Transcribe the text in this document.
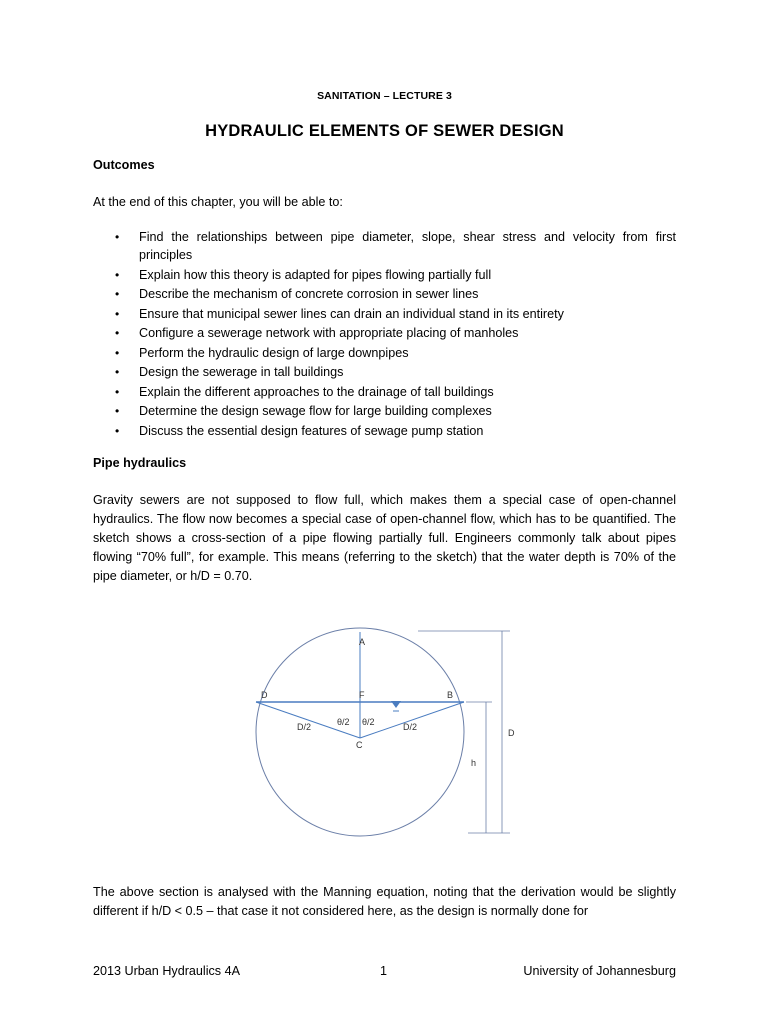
SANITATION – LECTURE 3
HYDRAULIC ELEMENTS OF SEWER DESIGN
Outcomes
At the end of this chapter, you will be able to:
• Find the relationships between pipe diameter, slope, shear stress and velocity from first principles
• Explain how this theory is adapted for pipes flowing partially full
• Describe the mechanism of concrete corrosion in sewer lines
• Ensure that municipal sewer lines can drain an individual stand in its entirety
• Configure a sewerage network with appropriate placing of manholes
• Perform the hydraulic design of large downpipes
• Design the sewerage in tall buildings
• Explain the different approaches to the drainage of tall buildings
• Determine the design sewage flow for large building complexes
• Discuss the essential design features of sewage pump station
Pipe hydraulics
Gravity sewers are not supposed to flow full, which makes them a special case of open-channel hydraulics. The flow now becomes a special case of open-channel flow, which has to be quantified. The sketch shows a cross-section of a pipe flowing partially full. Engineers commonly talk about pipes flowing “70% full”, for example. This means (referring to the sketch) that the water depth is 70% of the pipe diameter, or h/D = 0.70.
A
D	F	B
C
D/2	D/2
θ/2 θ/2
D
h
The above section is analysed with the Manning equation, noting that the derivation would be slightly different if h/D < 0.5 – that case it not considered here, as the design is normally done for
2013 Urban Hydraulics 4A	1	University of Johannesburg
